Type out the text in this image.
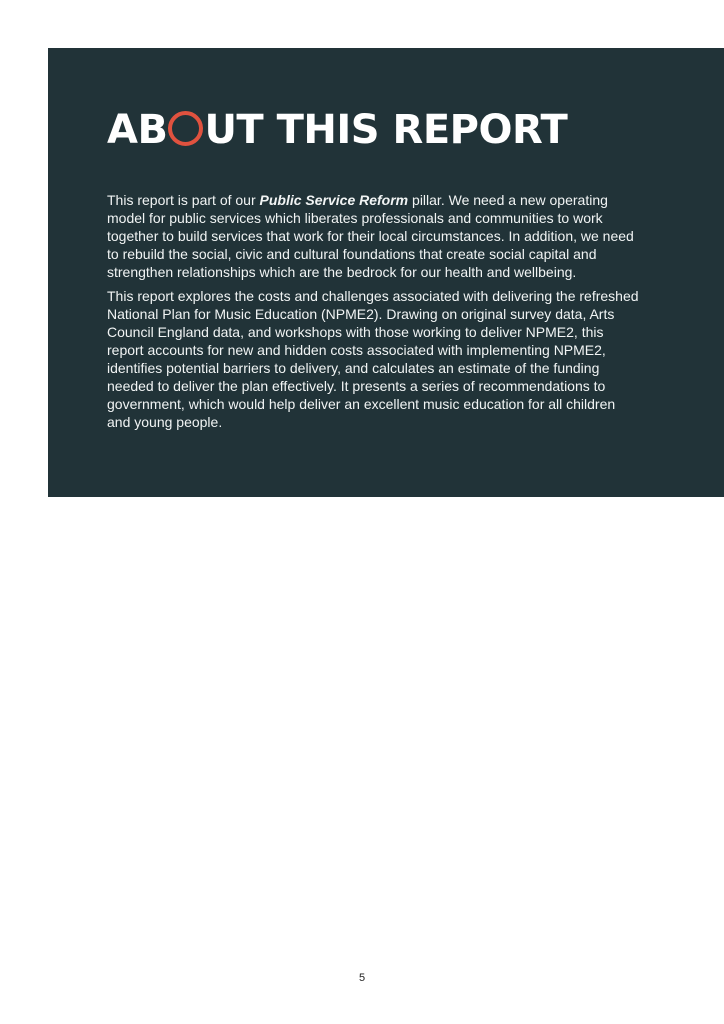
AB UT THIS REPORT

This report is part of our Public Service Reform pillar. We need a new operating model for public services which liberates professionals and communities to work together to build services that work for their local circumstances. In addition, we need to rebuild the social, civic and cultural foundations that create social capital and strengthen relationships which are the bedrock for our health and wellbeing.

This report explores the costs and challenges associated with delivering the refreshed National Plan for Music Education (NPME2). Drawing on original survey data, Arts Council England data, and workshops with those working to deliver NPME2, this report accounts for new and hidden costs associated with implementing NPME2, identifies potential barriers to delivery, and calculates an estimate of the funding needed to deliver the plan effectively. It presents a series of recommendations to government, which would help deliver an excellent music education for all children and young people.

5
